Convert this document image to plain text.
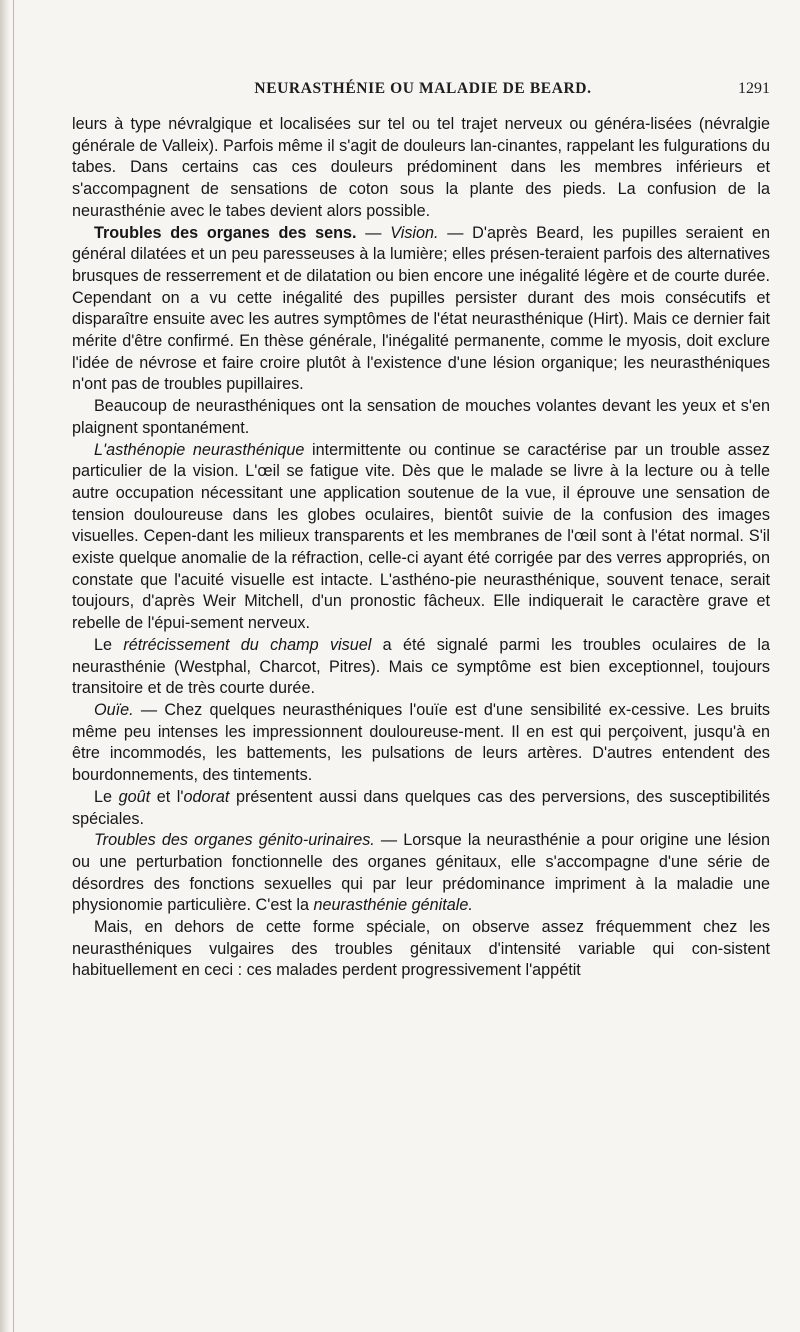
NEURASTHÉNIE OU MALADIE DE BEARD.	1291

leurs à type névralgique et localisées sur tel ou tel trajet nerveux ou généra-lisées (névralgie générale de Valleix). Parfois même il s'agit de douleurs lan-cinantes, rappelant les fulgurations du tabes. Dans certains cas ces douleurs prédominent dans les membres inférieurs et s'accompagnent de sensations de coton sous la plante des pieds. La confusion de la neurasthénie avec le tabes devient alors possible.

Troubles des organes des sens. — Vision. — D'après Beard, les pupilles seraient en général dilatées et un peu paresseuses à la lumière; elles présen-teraient parfois des alternatives brusques de resserrement et de dilatation ou bien encore une inégalité légère et de courte durée. Cependant on a vu cette inégalité des pupilles persister durant des mois consécutifs et disparaître ensuite avec les autres symptômes de l'état neurasthénique (Hirt). Mais ce dernier fait mérite d'être confirmé. En thèse générale, l'inégalité permanente, comme le myosis, doit exclure l'idée de névrose et faire croire plutôt à l'existence d'une lésion organique; les neurasthéniques n'ont pas de troubles pupillaires.

Beaucoup de neurasthéniques ont la sensation de mouches volantes devant les yeux et s'en plaignent spontanément.

L'asthénopie neurasthénique intermittente ou continue se caractérise par un trouble assez particulier de la vision. L'œil se fatigue vite. Dès que le malade se livre à la lecture ou à telle autre occupation nécessitant une application soutenue de la vue, il éprouve une sensation de tension douloureuse dans les globes oculaires, bientôt suivie de la confusion des images visuelles. Cepen-dant les milieux transparents et les membranes de l'œil sont à l'état normal. S'il existe quelque anomalie de la réfraction, celle-ci ayant été corrigée par des verres appropriés, on constate que l'acuité visuelle est intacte. L'asthéno-pie neurasthénique, souvent tenace, serait toujours, d'après Weir Mitchell, d'un pronostic fâcheux. Elle indiquerait le caractère grave et rebelle de l'épui-sement nerveux.

Le rétrécissement du champ visuel a été signalé parmi les troubles oculaires de la neurasthénie (Westphal, Charcot, Pitres). Mais ce symptôme est bien exceptionnel, toujours transitoire et de très courte durée.

Ouïe. — Chez quelques neurasthéniques l'ouïe est d'une sensibilité ex-cessive. Les bruits même peu intenses les impressionnent douloureuse-ment. Il en est qui perçoivent, jusqu'à en être incommodés, les battements, les pulsations de leurs artères. D'autres entendent des bourdonnements, des tintements.

Le goût et l'odorat présentent aussi dans quelques cas des perversions, des susceptibilités spéciales.

Troubles des organes génito-urinaires. — Lorsque la neurasthénie a pour origine une lésion ou une perturbation fonctionnelle des organes génitaux, elle s'accompagne d'une série de désordres des fonctions sexuelles qui par leur prédominance impriment à la maladie une physionomie particulière. C'est la neurasthénie génitale.

Mais, en dehors de cette forme spéciale, on observe assez fréquemment chez les neurasthéniques vulgaires des troubles génitaux d'intensité variable qui con-sistent habituellement en ceci : ces malades perdent progressivement l'appétit
